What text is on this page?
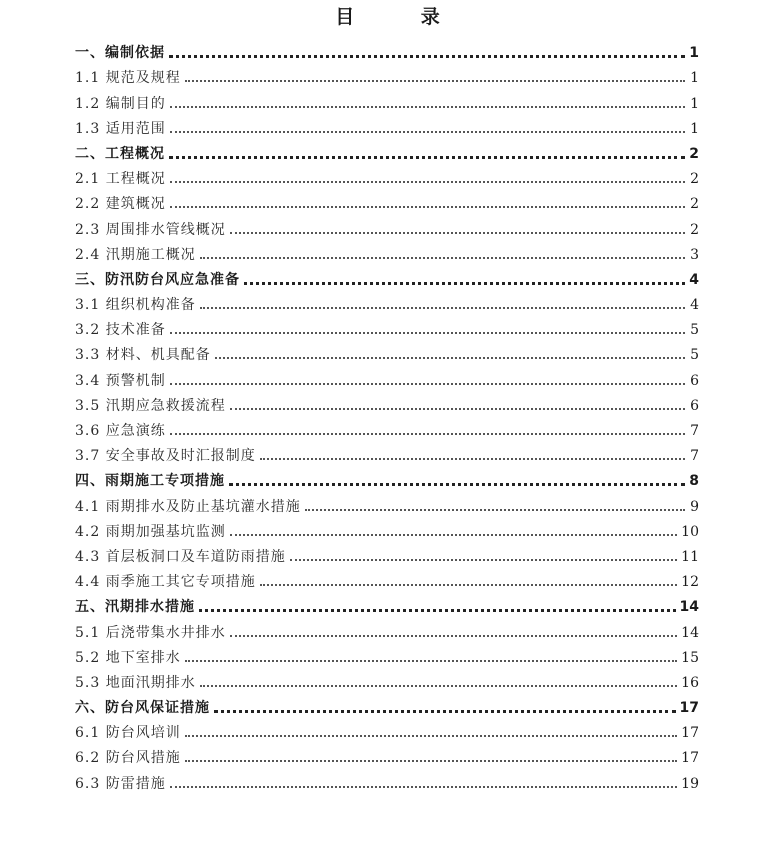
目 录
一、编制依据	1
1.1 规范及规程	1
1.2 编制目的	1
1.3 适用范围	1
二、工程概况	2
2.1 工程概况	2
2.2 建筑概况	2
2.3 周围排水管线概况	2
2.4 汛期施工概况	3
三、防汛防台风应急准备	4
3.1 组织机构准备	4
3.2 技术准备	5
3.3 材料、机具配备	5
3.4 预警机制	6
3.5 汛期应急救援流程	6
3.6 应急演练	7
3.7 安全事故及时汇报制度	7
四、雨期施工专项措施	8
4.1 雨期排水及防止基坑灌水措施	9
4.2 雨期加强基坑监测	10
4.3 首层板洞口及车道防雨措施	11
4.4 雨季施工其它专项措施	12
五、汛期排水措施	14
5.1 后浇带集水井排水	14
5.2 地下室排水	15
5.3 地面汛期排水	16
六、防台风保证措施	17
6.1 防台风培训	17
6.2 防台风措施	17
6.3 防雷措施	19
